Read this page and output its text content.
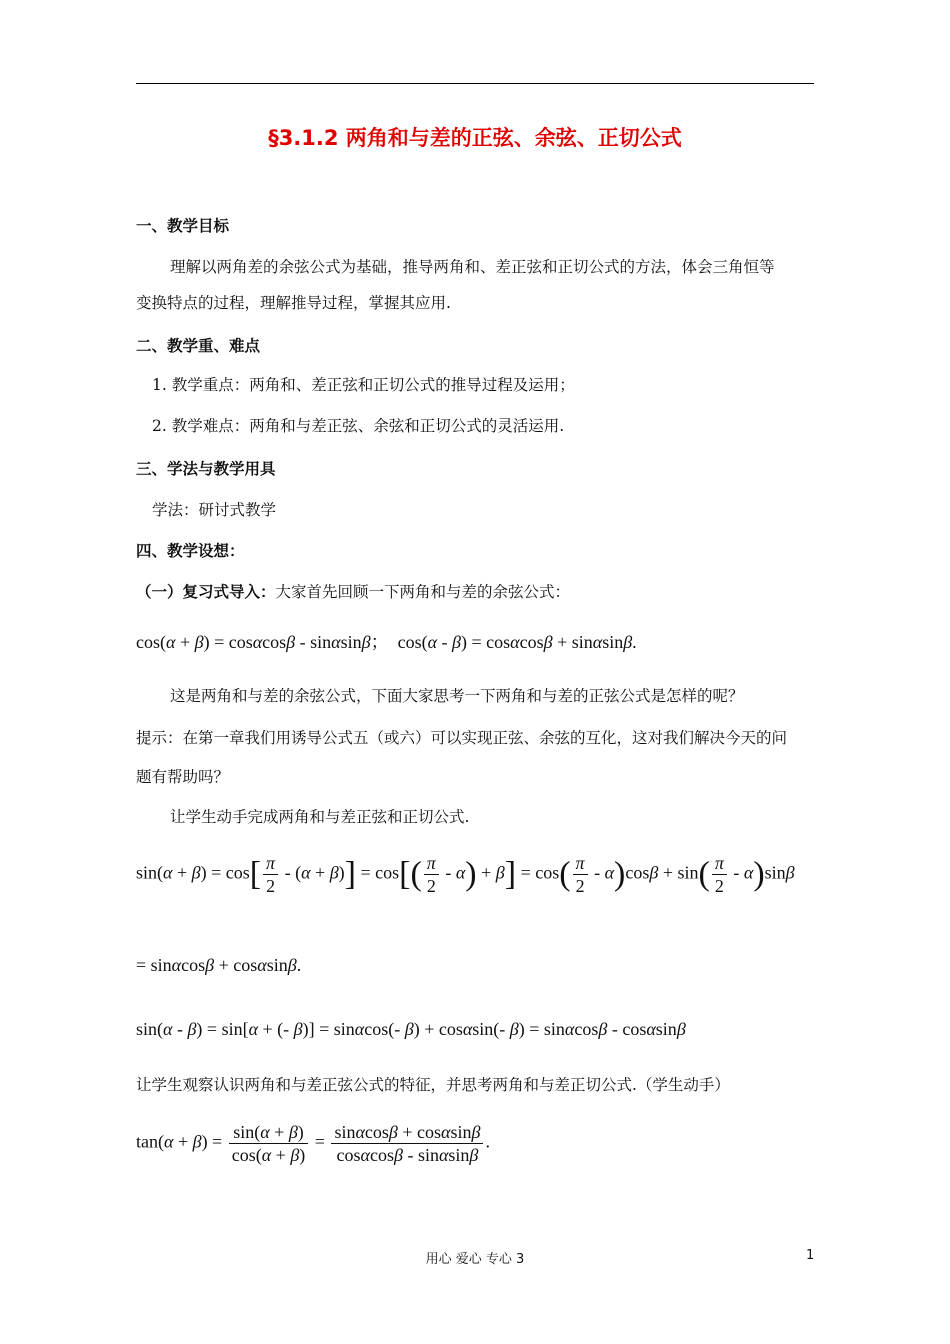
§3.1.2 两角和与差的正弦、余弦、正切公式
一、教学目标
理解以两角差的余弦公式为基础，推导两角和、差正弦和正切公式的方法，体会三角恒等
变换特点的过程，理解推导过程，掌握其应用.
二、教学重、难点
1. 教学重点：两角和、差正弦和正切公式的推导过程及运用；
2. 教学难点：两角和与差正弦、余弦和正切公式的灵活运用.
三、学法与教学用具
学法：研讨式教学
四、教学设想：
（一）复习式导入：大家首先回顾一下两角和与差的余弦公式：
cos(α + β) = cosαcosβ - sinαsinβ；  cos(α - β) = cosαcosβ + sinαsinβ.
这是两角和与差的余弦公式，下面大家思考一下两角和与差的正弦公式是怎样的呢？
提示：在第一章我们用诱导公式五（或六）可以实现正弦、余弦的互化，这对我们解决今天的问
题有帮助吗？
让学生动手完成两角和与差正弦和正切公式.
$\sin(\alpha + \beta) = \cos[ \frac{\pi}{2} - (\alpha + \beta)] = \cos[( \frac{\pi}{2} - \alpha) + \beta] = \cos( \frac{\pi}{2} - \alpha)\cos\beta + \sin( \frac{\pi}{2} - \alpha)\sin\beta$
= sinαcosβ + cosαsinβ.
sin(α - β) = sin[α + (- β)] = sinαcos(- β) + cosαsin(- β) = sinαcosβ - cosαsinβ
让学生观察认识两角和与差正弦公式的特征，并思考两角和与差正切公式.（学生动手）
$\tan(\alpha + \beta) = \frac{\sin(\alpha + \beta)}{\cos(\alpha + \beta)} = \frac{\sin\alpha\cos\beta + \cos\alpha\sin\beta}{\cos\alpha\cos\beta - \sin\alpha\sin\beta}$ .
用心 爱心 专心 3	1
